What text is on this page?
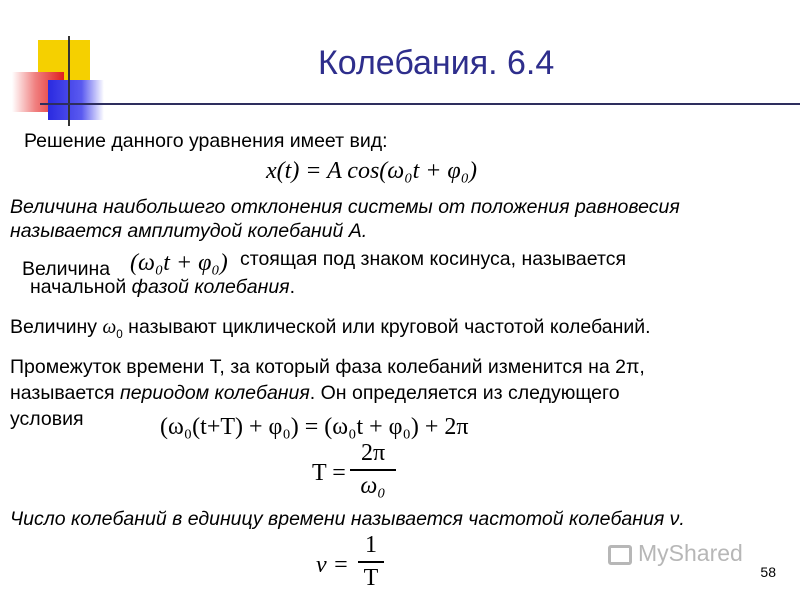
Колебания. 6.4
Решение данного уравнения имеет вид:
x(t) = A cos(ω₀t + φ₀)
Величина наибольшего отклонения системы от положения равновесия
называется амплитудой колебаний A.
Величина (ω₀t + φ₀) стоящая под знаком косинуса, называется
начальной фазой колебания.
Величину $\omega_0$ называют циклической или круговой частотой колебаний.
Промежуток времени Т, за который фаза колебаний изменится на 2π,
называется периодом колебания. Он определяется из следующего
условия	(ω₀(t+T) + φ₀) = (ω₀t + φ₀) + 2π
T =
2π
ω₀
Число колебаний в единицу времени называется частотой колебания ν.
ν =
1
T
MyShared
58
